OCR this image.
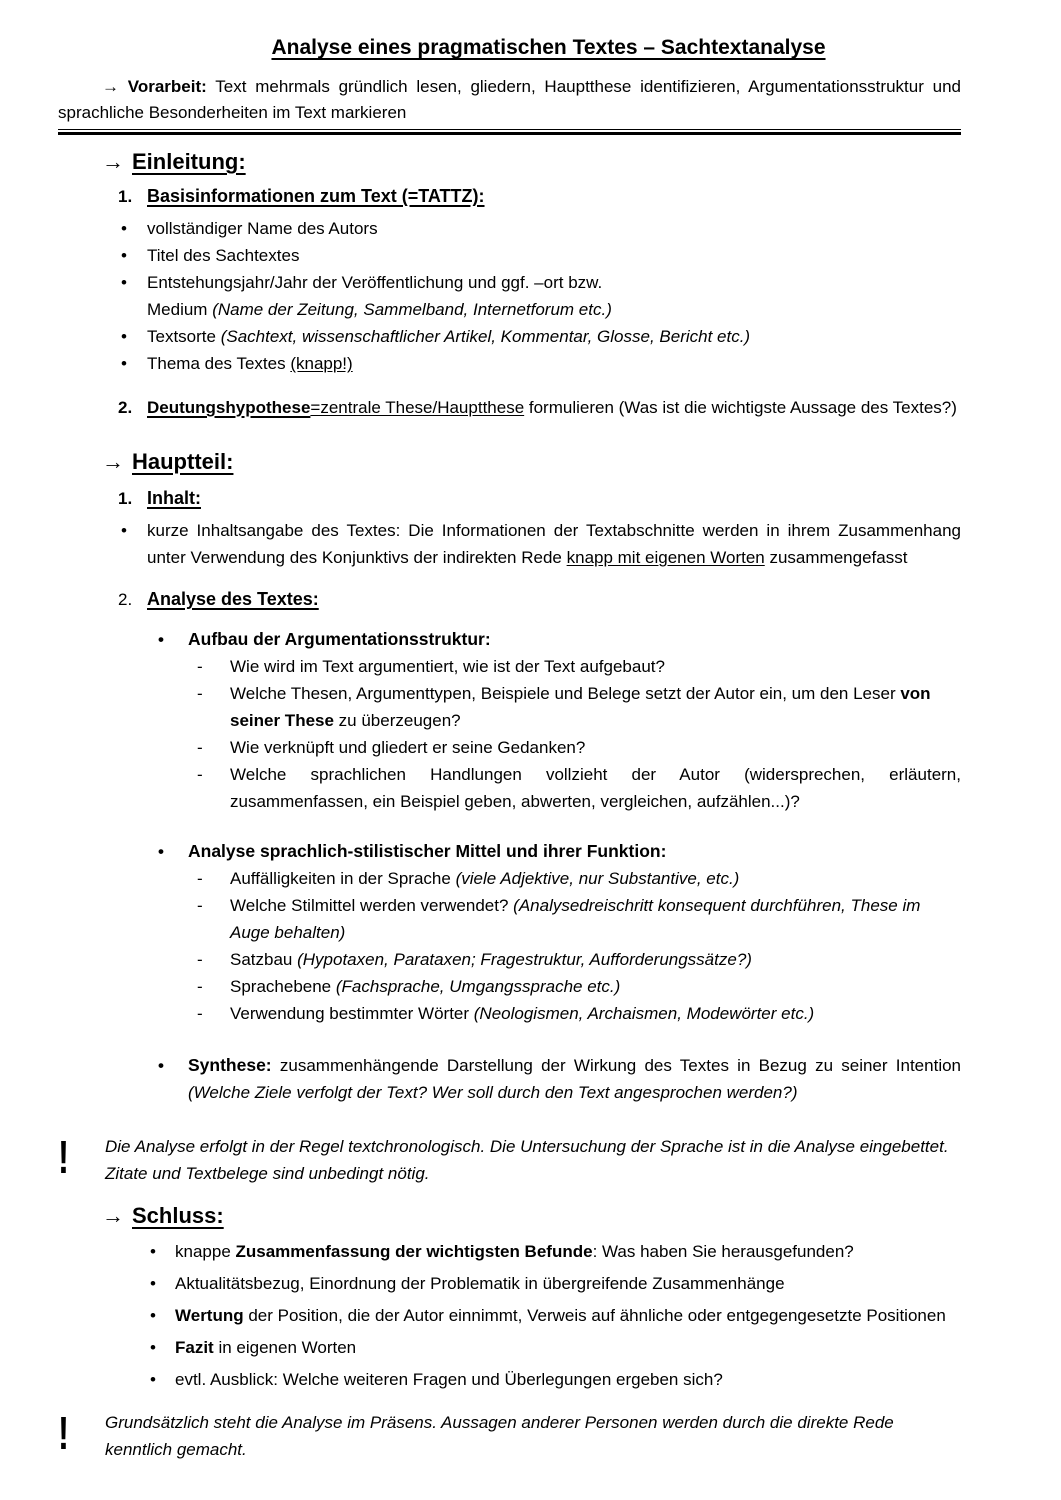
Analyse eines pragmatischen Textes – Sachtextanalyse

→ Vorarbeit: Text mehrmals gründlich lesen, gliedern, Hauptthese identifizieren, Argumentationsstruktur und sprachliche Besonderheiten im Text markieren

→ Einleitung:
1. Basisinformationen zum Text (=TATTZ):
•	vollständiger Name des Autors
•	Titel des Sachtextes
•	Entstehungsjahr/Jahr der Veröffentlichung und ggf. –ort bzw.
Medium (Name der Zeitung, Sammelband, Internetforum etc.)
•	Textsorte (Sachtext, wissenschaftlicher Artikel, Kommentar, Glosse, Bericht etc.)
•	Thema des Textes (knapp!)
2. Deutungshypothese=zentrale These/Hauptthese formulieren (Was ist die wichtigste Aussage des Textes?)
→ Hauptteil:
1. Inhalt:
•	kurze Inhaltsangabe des Textes: Die Informationen der Textabschnitte werden in ihrem Zusammenhang unter Verwendung des Konjunktivs der indirekten Rede knapp mit eigenen Worten zusammengefasst
2. Analyse des Textes:
•	Aufbau der Argumentationsstruktur:
-	Wie wird im Text argumentiert, wie ist der Text aufgebaut?
-	Welche Thesen, Argumenttypen, Beispiele und Belege setzt der Autor ein, um den Leser von seiner These zu überzeugen?
-	Wie verknüpft und gliedert er seine Gedanken?
-	Welche sprachlichen Handlungen vollzieht der Autor (widersprechen, erläutern, zusammenfassen, ein Beispiel geben, abwerten, vergleichen, aufzählen...)?
•	Analyse sprachlich-stilistischer Mittel und ihrer Funktion:
-	Auffälligkeiten in der Sprache (viele Adjektive, nur Substantive, etc.)
-	Welche Stilmittel werden verwendet? (Analysedreischritt konsequent durchführen, These im Auge behalten)
-	Satzbau (Hypotaxen, Parataxen; Fragestruktur, Aufforderungssätze?)
-	Sprachebene (Fachsprache, Umgangssprache etc.)
-	Verwendung bestimmter Wörter (Neologismen, Archaismen, Modewörter etc.)
•	Synthese: zusammenhängende Darstellung der Wirkung des Textes in Bezug zu seiner Intention (Welche Ziele verfolgt der Text? Wer soll durch den Text angesprochen werden?)
!	Die Analyse erfolgt in der Regel textchronologisch. Die Untersuchung der Sprache ist in die Analyse eingebettet. Zitate und Textbelege sind unbedingt nötig.
→ Schluss:
•	knappe Zusammenfassung der wichtigsten Befunde: Was haben Sie herausgefunden?
•	Aktualitätsbezug, Einordnung der Problematik in übergreifende Zusammenhänge
•	Wertung der Position, die der Autor einnimmt, Verweis auf ähnliche oder entgegengesetzte Positionen
•	Fazit in eigenen Worten
•	evtl. Ausblick: Welche weiteren Fragen und Überlegungen ergeben sich?
!	Grundsätzlich steht die Analyse im Präsens. Aussagen anderer Personen werden durch die direkte Rede kenntlich gemacht.
